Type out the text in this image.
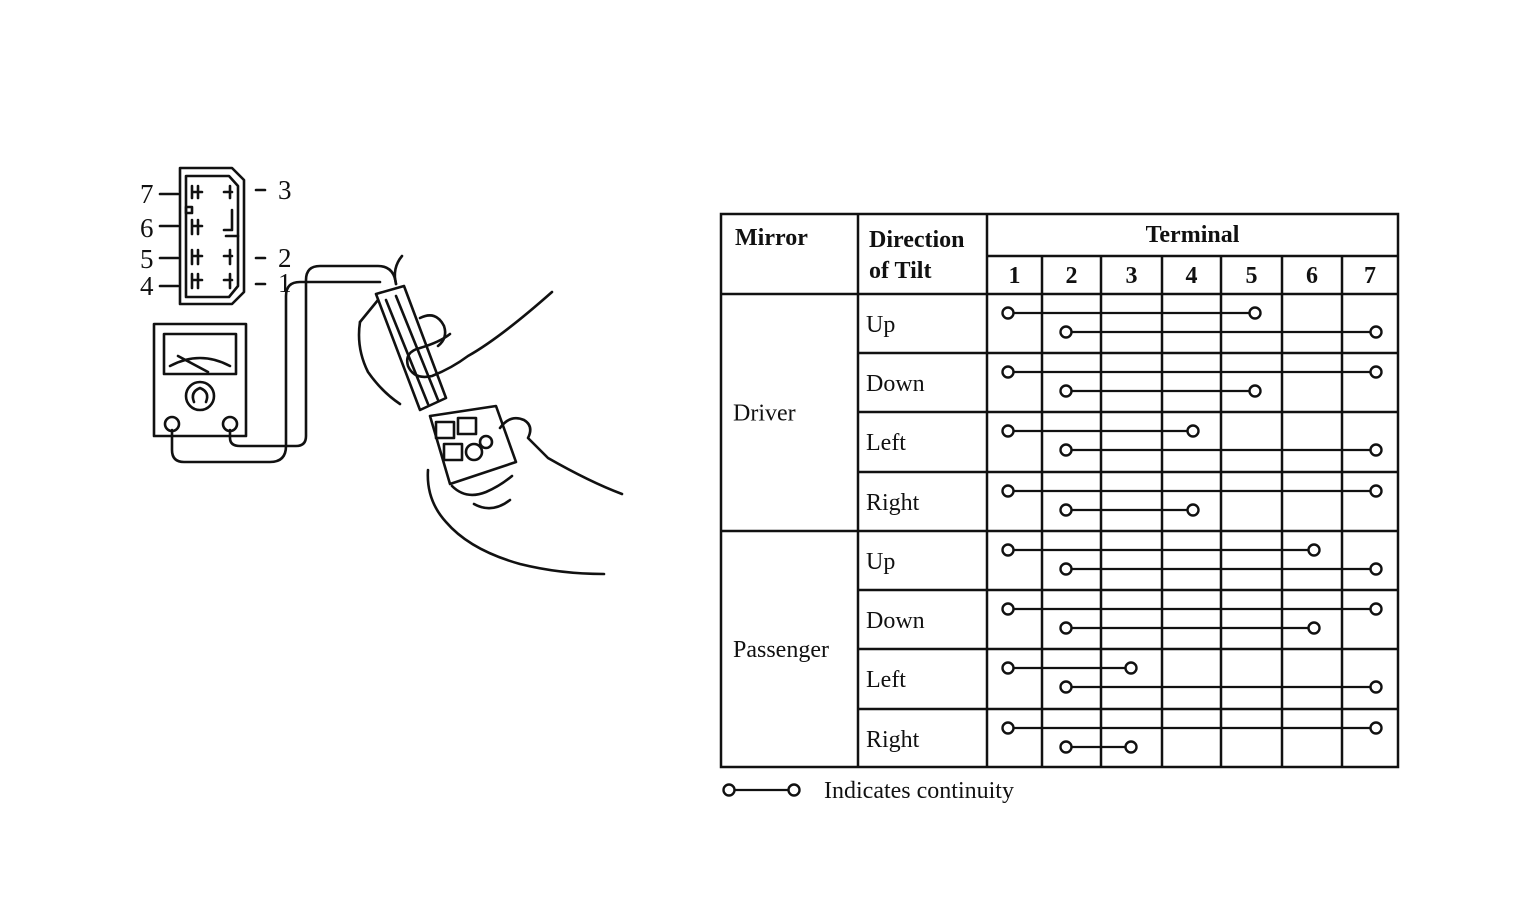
7
6
5
4
3
2
1
Mirror	Direction
of Tilt
Terminal
1 2 3 4 5 6 7
Driver
Up
Down
Left
Right
Passenger
Up
Down
Left
Right
Indicates continuity
